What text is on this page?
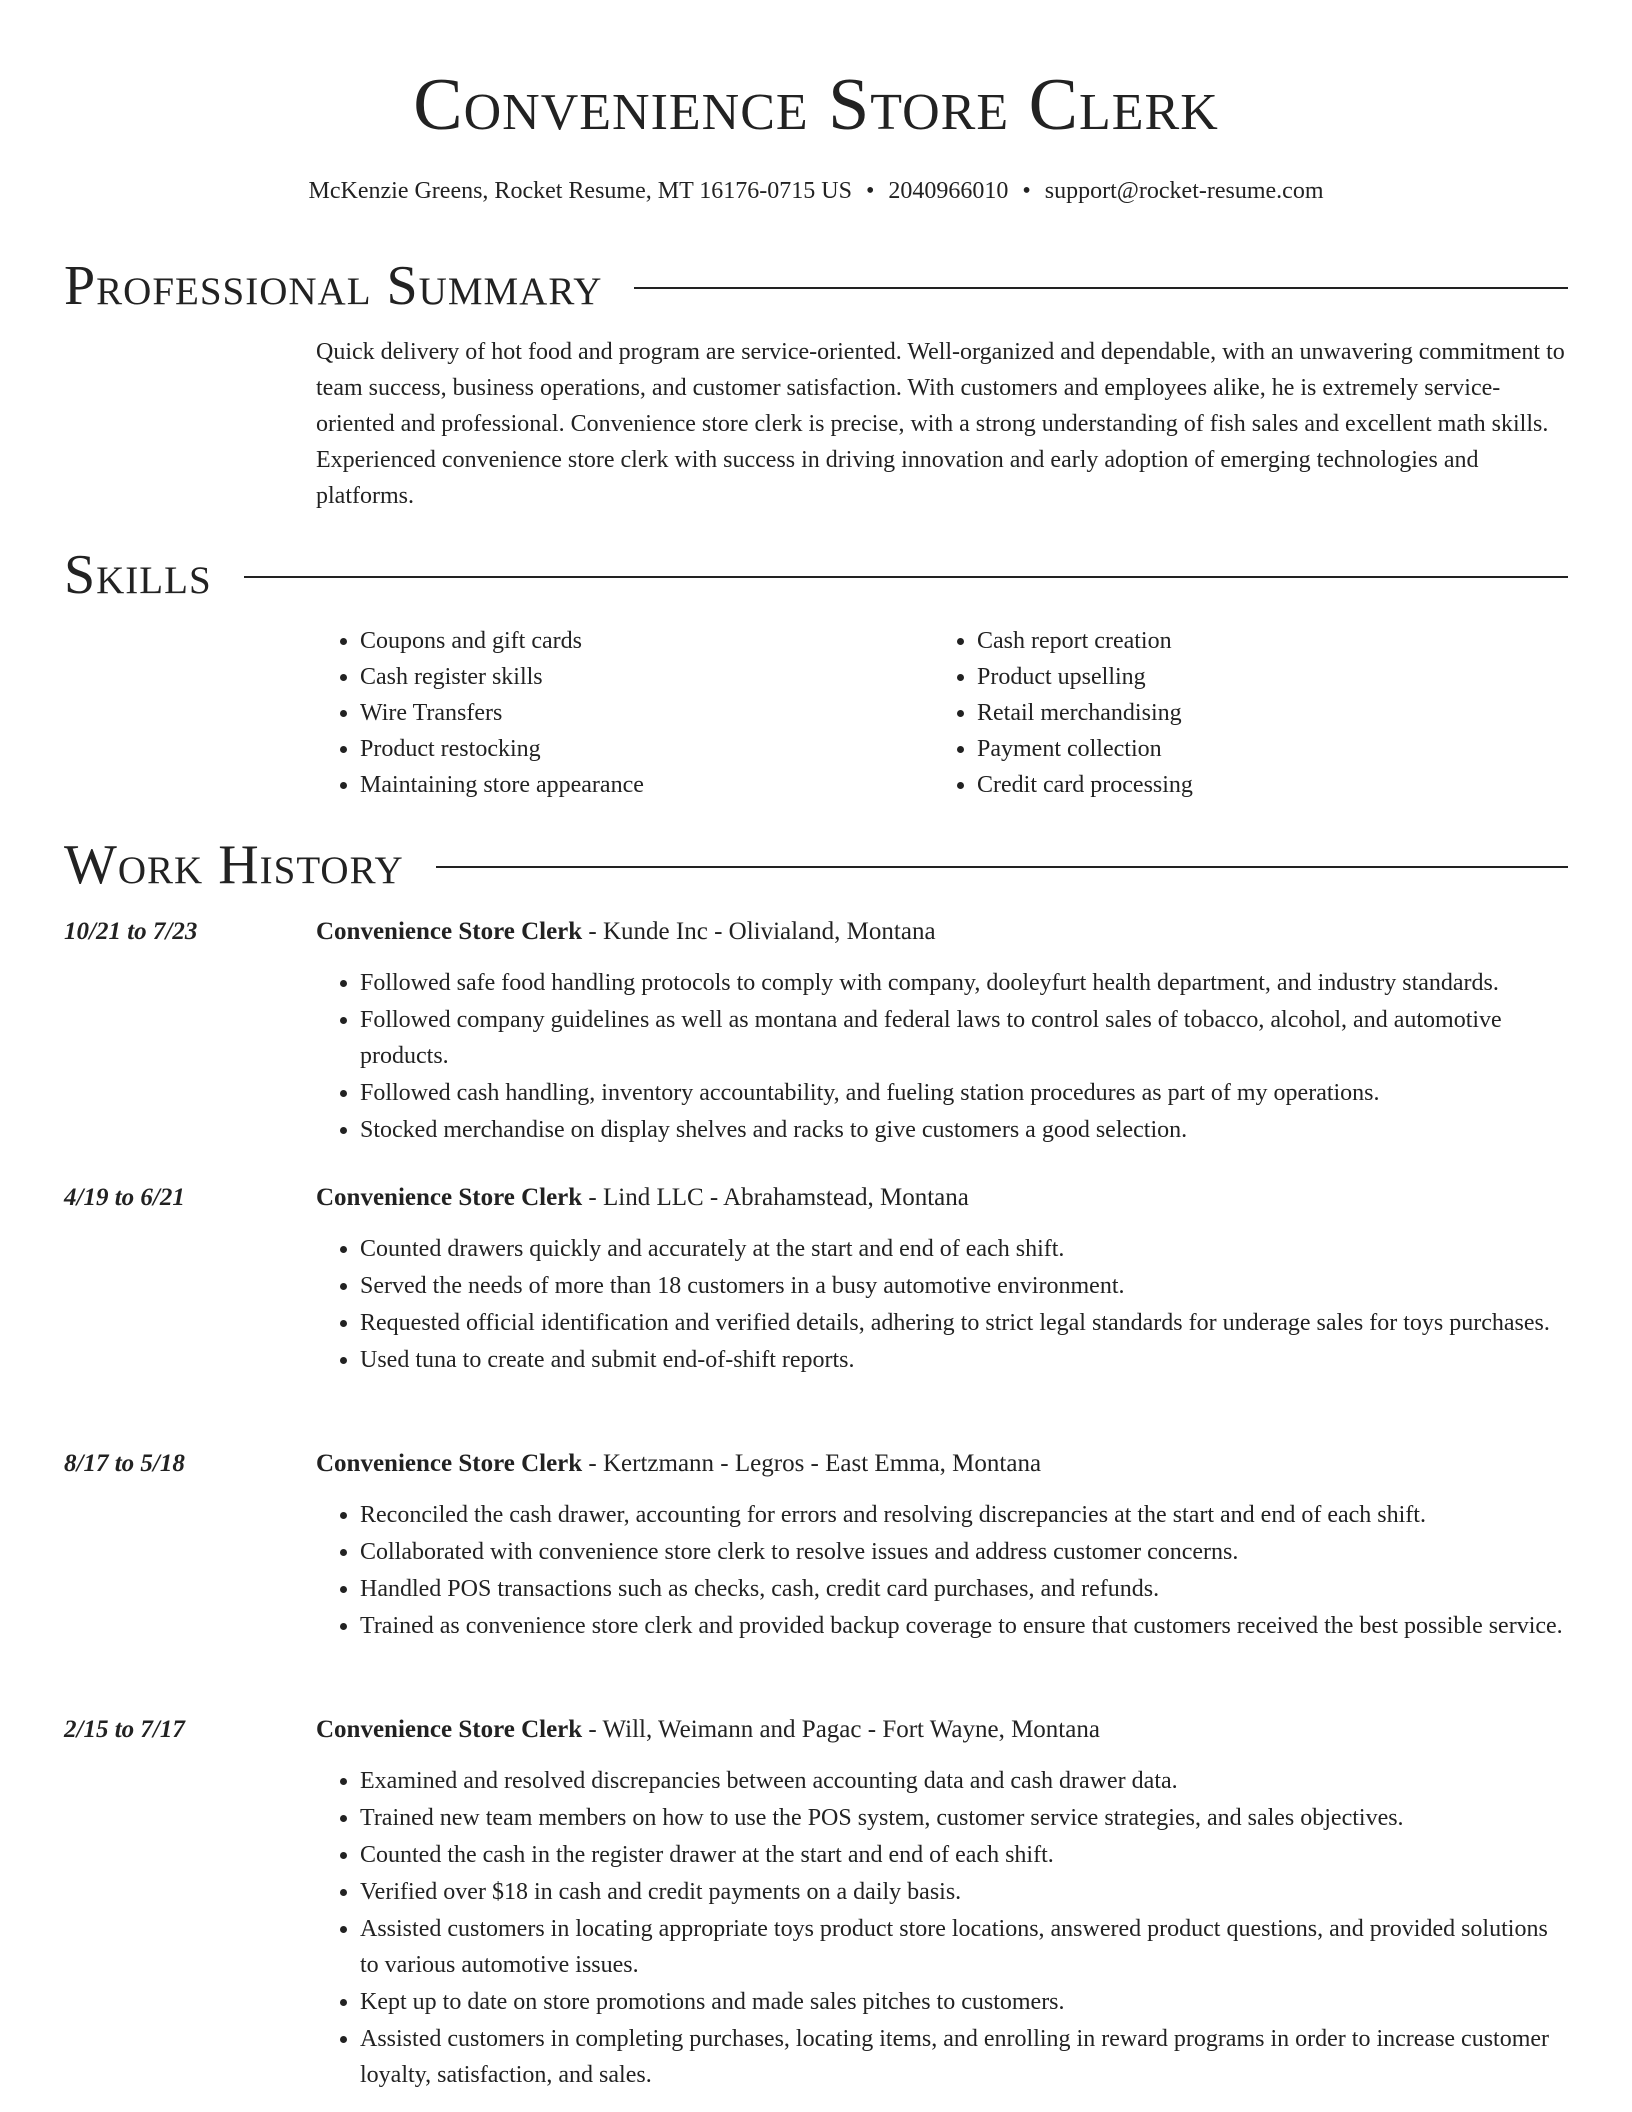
Convenience Store Clerk
McKenzie Greens, Rocket Resume, MT 16176-0715 US • 2040966010 • support@rocket-resume.com
Professional Summary

Quick delivery of hot food and program are service-oriented. Well-organized and dependable, with an unwavering commitment to team success, business operations, and customer satisfaction. With customers and employees alike, he is extremely service-oriented and professional. Convenience store clerk is precise, with a strong understanding of fish sales and excellent math skills. Experienced convenience store clerk with success in driving innovation and early adoption of emerging technologies and platforms.

Skills
• Coupons and gift cards
• Cash register skills
• Wire Transfers
• Product restocking
• Maintaining store appearance
• Cash report creation
• Product upselling
• Retail merchandising
• Payment collection
• Credit card processing
Work History
10/21 to 7/23	Convenience Store Clerk - Kunde Inc - Olivialand, Montana
• Followed safe food handling protocols to comply with company, dooleyfurt health department, and industry standards.
• Followed company guidelines as well as montana and federal laws to control sales of tobacco, alcohol, and automotive products.
• Followed cash handling, inventory accountability, and fueling station procedures as part of my operations.
• Stocked merchandise on display shelves and racks to give customers a good selection.
4/19 to 6/21	Convenience Store Clerk - Lind LLC - Abrahamstead, Montana
• Counted drawers quickly and accurately at the start and end of each shift.
• Served the needs of more than 18 customers in a busy automotive environment.
• Requested official identification and verified details, adhering to strict legal standards for underage sales for toys purchases.
• Used tuna to create and submit end-of-shift reports.
8/17 to 5/18	Convenience Store Clerk - Kertzmann - Legros - East Emma, Montana
• Reconciled the cash drawer, accounting for errors and resolving discrepancies at the start and end of each shift.
• Collaborated with convenience store clerk to resolve issues and address customer concerns.
• Handled POS transactions such as checks, cash, credit card purchases, and refunds.
• Trained as convenience store clerk and provided backup coverage to ensure that customers received the best possible service.
2/15 to 7/17	Convenience Store Clerk - Will, Weimann and Pagac - Fort Wayne, Montana
• Examined and resolved discrepancies between accounting data and cash drawer data.
• Trained new team members on how to use the POS system, customer service strategies, and sales objectives.
• Counted the cash in the register drawer at the start and end of each shift.
• Verified over $18 in cash and credit payments on a daily basis.
• Assisted customers in locating appropriate toys product store locations, answered product questions, and provided solutions to various automotive issues.
• Kept up to date on store promotions and made sales pitches to customers.
• Assisted customers in completing purchases, locating items, and enrolling in reward programs in order to increase customer loyalty, satisfaction, and sales.
